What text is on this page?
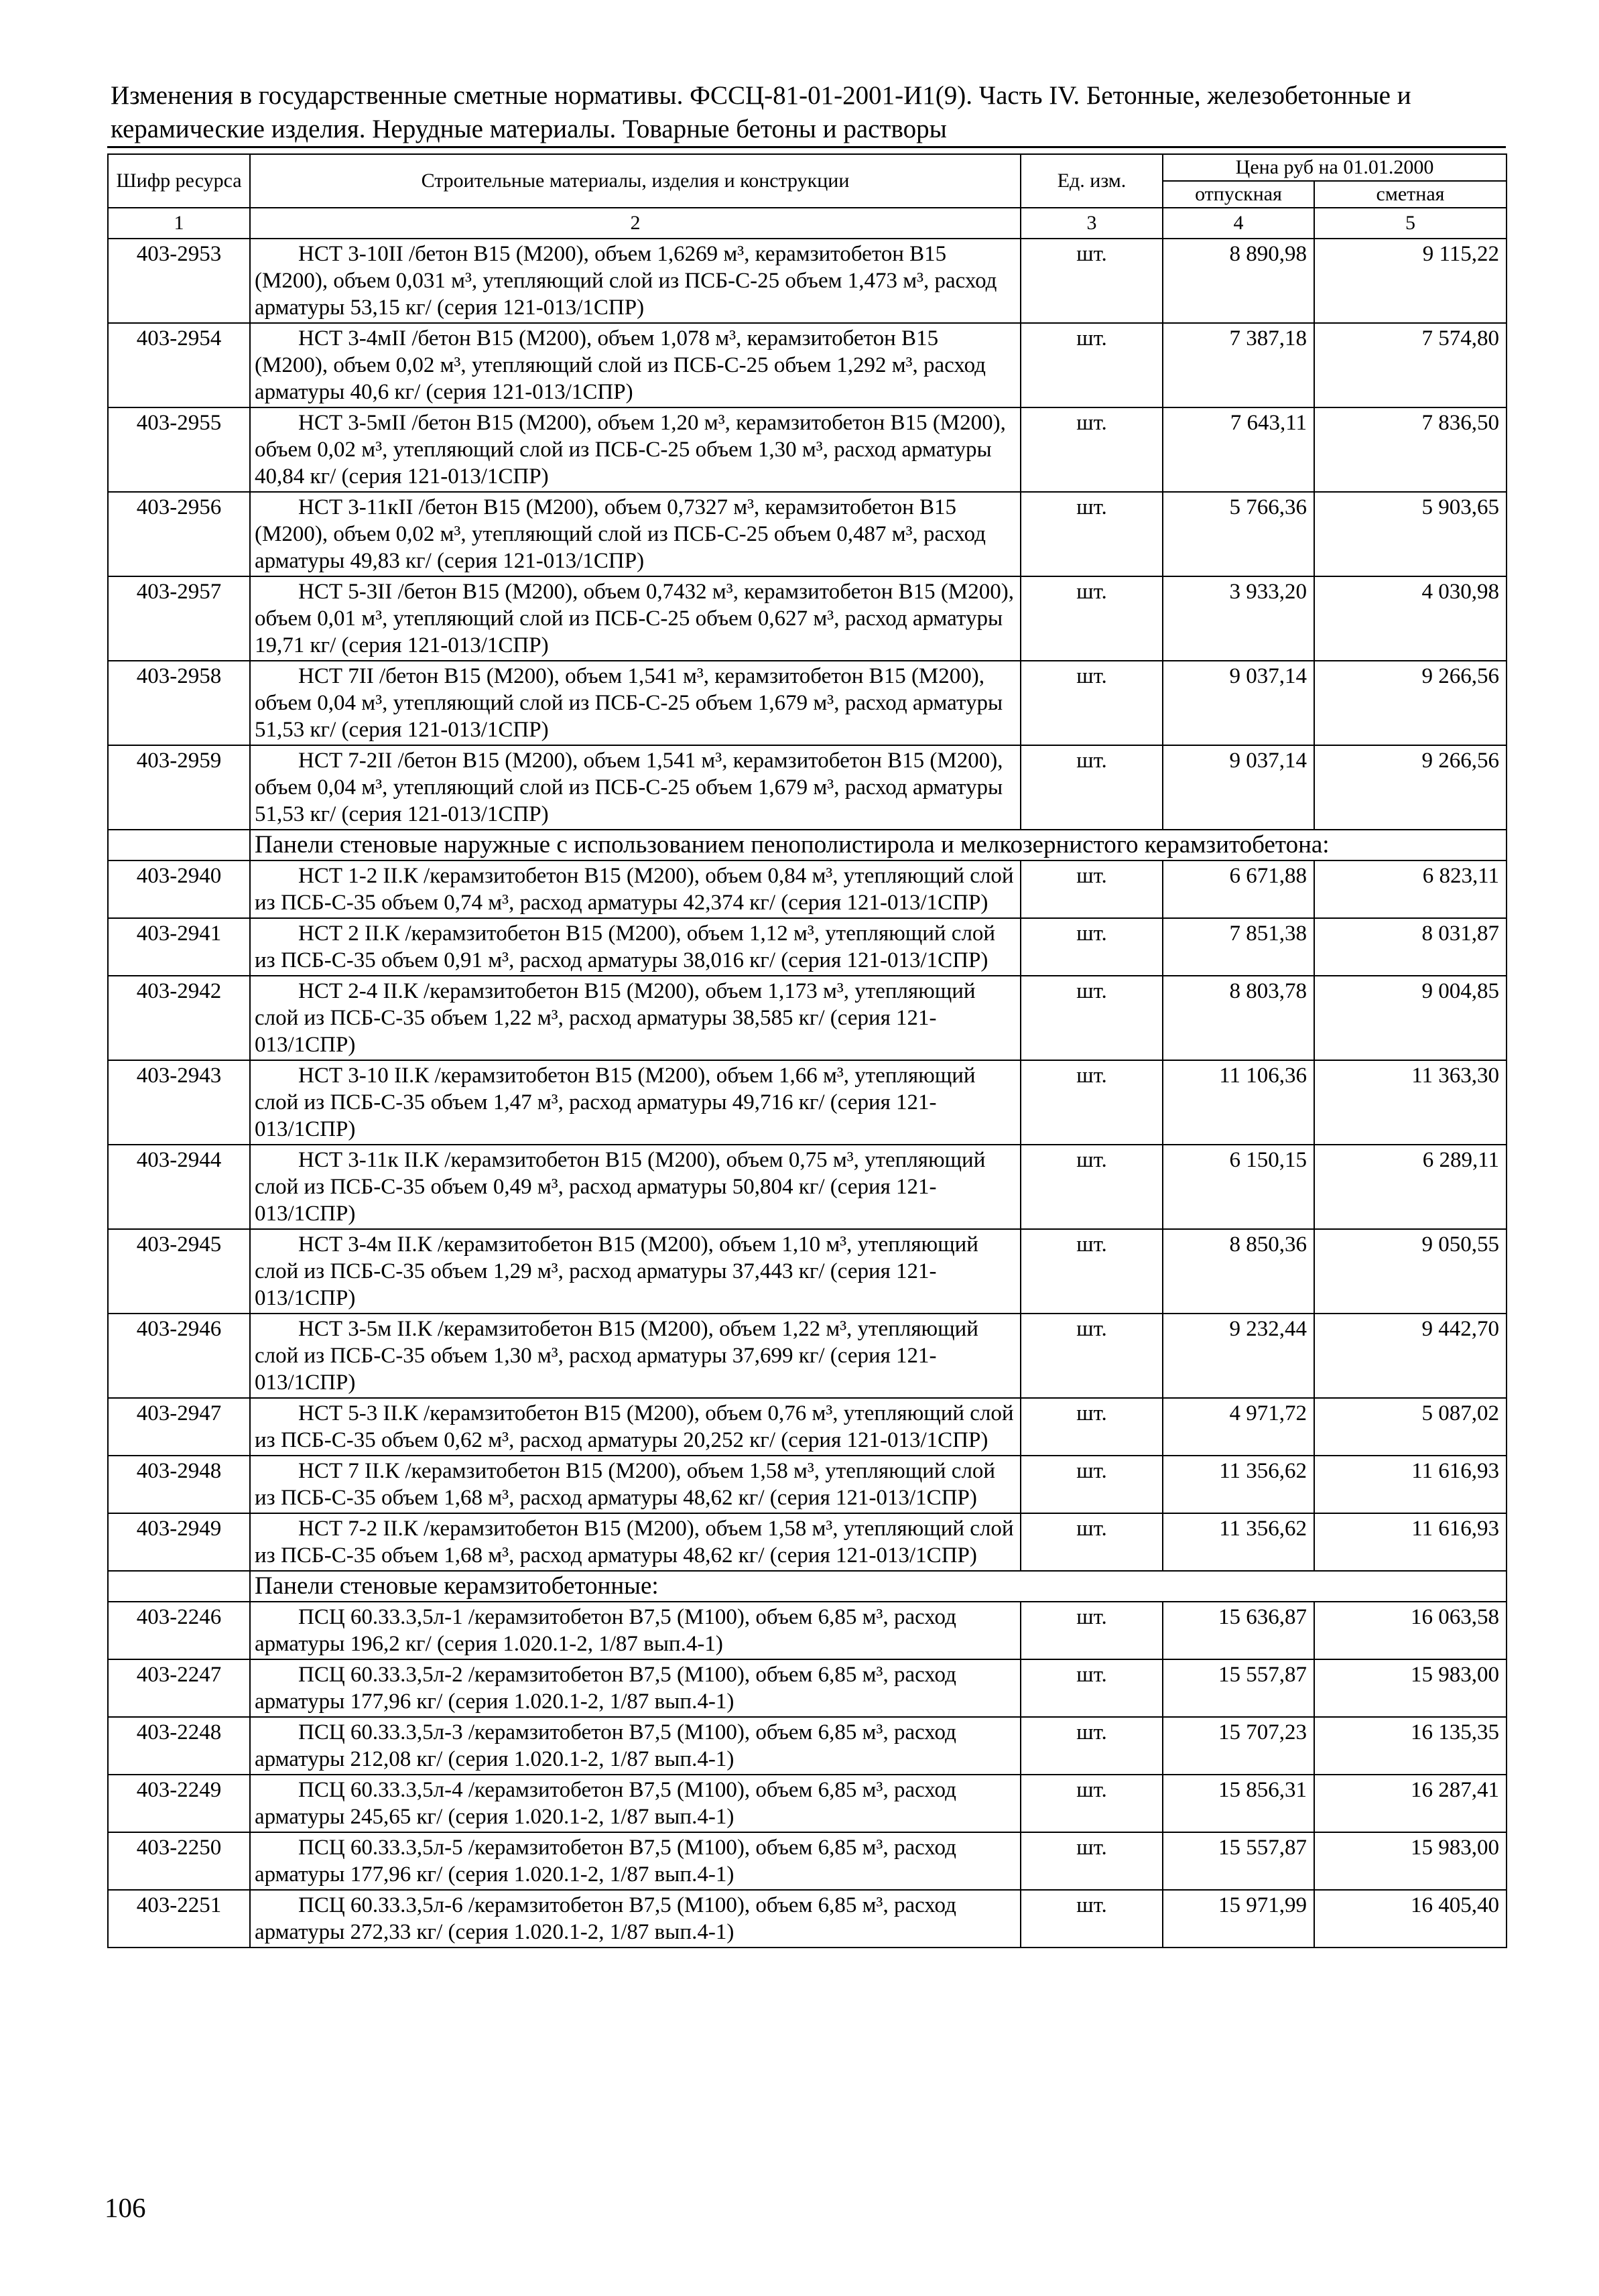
Изменения в государственные сметные нормативы. ФССЦ-81-01-2001-И1(9). Часть IV. Бетонные, железобетонные и
керамические изделия. Нерудные материалы. Товарные бетоны и растворы
Шифр ресурса	Строительные материалы, изделия и конструкции	Ед. изм.	Цена руб на 01.01.2000	
			отпускная	сметная
1	2	3	4	5
403-2953	НСТ 3-10II /бетон В15 (М200), объем 1,6269 м³, керамзитобетон В15 (М200), объем 0,031 м³, утепляющий слой из ПСБ-С-25 объем 1,473 м³, расход арматуры 53,15 кг/ (серия 121-013/1СПР)	шт.	8 890,98	9 115,22
403-2954	НСТ 3-4мII /бетон В15 (М200), объем 1,078 м³, керамзитобетон В15 (М200), объем 0,02 м³, утепляющий слой из ПСБ-С-25 объем 1,292 м³, расход арматуры 40,6 кг/ (серия 121-013/1СПР)	шт.	7 387,18	7 574,80
403-2955	НСТ 3-5мII /бетон В15 (М200), объем 1,20 м³, керамзитобетон В15 (М200), объем 0,02 м³, утепляющий слой из ПСБ-С-25 объем 1,30 м³, расход арматуры 40,84 кг/ (серия 121-013/1СПР)	шт.	7 643,11	7 836,50
403-2956	НСТ 3-11кII /бетон В15 (М200), объем 0,7327 м³, керамзитобетон В15 (М200), объем 0,02 м³, утепляющий слой из ПСБ-С-25 объем 0,487 м³, расход арматуры 49,83 кг/ (серия 121-013/1СПР)	шт.	5 766,36	5 903,65
403-2957	НСТ 5-3II /бетон В15 (М200), объем 0,7432 м³, керамзитобетон В15 (М200), объем 0,01 м³, утепляющий слой из ПСБ-С-25 объем 0,627 м³, расход арматуры 19,71 кг/ (серия 121-013/1СПР)	шт.	3 933,20	4 030,98
403-2958	НСТ 7II /бетон В15 (М200), объем 1,541 м³, керамзитобетон В15 (М200), объем 0,04 м³, утепляющий слой из ПСБ-С-25 объем 1,679 м³, расход арматуры 51,53 кг/ (серия 121-013/1СПР)	шт.	9 037,14	9 266,56
403-2959	НСТ 7-2II /бетон В15 (М200), объем 1,541 м³, керамзитобетон В15 (М200), объем 0,04 м³, утепляющий слой из ПСБ-С-25 объем 1,679 м³, расход арматуры 51,53 кг/ (серия 121-013/1СПР)	шт.	9 037,14	9 266,56
	Панели стеновые наружные с использованием пенополистирола и мелкозернистого керамзитобетона:			
403-2940	НСТ 1-2 II.К /керамзитобетон В15 (М200), объем 0,84 м³, утепляющий слой из ПСБ-С-35 объем 0,74 м³, расход арматуры 42,374 кг/ (серия 121-013/1СПР)	шт.	6 671,88	6 823,11
403-2941	НСТ 2 II.К /керамзитобетон В15 (М200), объем 1,12 м³, утепляющий слой из ПСБ-С-35 объем 0,91 м³, расход арматуры 38,016 кг/ (серия 121-013/1СПР)	шт.	7 851,38	8 031,87
403-2942	НСТ 2-4 II.К /керамзитобетон В15 (М200), объем 1,173 м³, утепляющий слой из ПСБ-С-35 объем 1,22 м³, расход арматуры 38,585 кг/ (серия 121-013/1СПР)	шт.	8 803,78	9 004,85
403-2943	НСТ 3-10 II.К /керамзитобетон В15 (М200), объем 1,66 м³, утепляющий слой из ПСБ-С-35 объем 1,47 м³, расход арматуры 49,716 кг/ (серия 121-013/1СПР)	шт.	11 106,36	11 363,30
403-2944	НСТ 3-11к II.К /керамзитобетон В15 (М200), объем 0,75 м³, утепляющий слой из ПСБ-С-35 объем 0,49 м³, расход арматуры 50,804 кг/ (серия 121-013/1СПР)	шт.	6 150,15	6 289,11
403-2945	НСТ 3-4м II.К /керамзитобетон В15 (М200), объем 1,10 м³, утепляющий слой из ПСБ-С-35 объем 1,29 м³, расход арматуры 37,443 кг/ (серия 121-013/1СПР)	шт.	8 850,36	9 050,55
403-2946	НСТ 3-5м II.К /керамзитобетон В15 (М200), объем 1,22 м³, утепляющий слой из ПСБ-С-35 объем 1,30 м³, расход арматуры 37,699 кг/ (серия 121-013/1СПР)	шт.	9 232,44	9 442,70
403-2947	НСТ 5-3 II.К /керамзитобетон В15 (М200), объем 0,76 м³, утепляющий слой из ПСБ-С-35 объем 0,62 м³, расход арматуры 20,252 кг/ (серия 121-013/1СПР)	шт.	4 971,72	5 087,02
403-2948	НСТ 7 II.К /керамзитобетон В15 (М200), объем 1,58 м³, утепляющий слой из ПСБ-С-35 объем 1,68 м³, расход арматуры 48,62 кг/ (серия 121-013/1СПР)	шт.	11 356,62	11 616,93
403-2949	НСТ 7-2 II.К /керамзитобетон В15 (М200), объем 1,58 м³, утепляющий слой из ПСБ-С-35 объем 1,68 м³, расход арматуры 48,62 кг/ (серия 121-013/1СПР)	шт.	11 356,62	11 616,93
	Панели стеновые керамзитобетонные:			
403-2246	ПСЦ 60.33.3,5л-1 /керамзитобетон В7,5 (М100), объем 6,85 м³, расход арматуры 196,2 кг/ (серия 1.020.1-2, 1/87 вып.4-1)	шт.	15 636,87	16 063,58
403-2247	ПСЦ 60.33.3,5л-2 /керамзитобетон В7,5 (М100), объем 6,85 м³, расход арматуры 177,96 кг/ (серия 1.020.1-2, 1/87 вып.4-1)	шт.	15 557,87	15 983,00
403-2248	ПСЦ 60.33.3,5л-3 /керамзитобетон В7,5 (М100), объем 6,85 м³, расход арматуры 212,08 кг/ (серия 1.020.1-2, 1/87 вып.4-1)	шт.	15 707,23	16 135,35
403-2249	ПСЦ 60.33.3,5л-4 /керамзитобетон В7,5 (М100), объем 6,85 м³, расход арматуры 245,65 кг/ (серия 1.020.1-2, 1/87 вып.4-1)	шт.	15 856,31	16 287,41
403-2250	ПСЦ 60.33.3,5л-5 /керамзитобетон В7,5 (М100), объем 6,85 м³, расход арматуры 177,96 кг/ (серия 1.020.1-2, 1/87 вып.4-1)	шт.	15 557,87	15 983,00
403-2251	ПСЦ 60.33.3,5л-6 /керамзитобетон В7,5 (М100), объем 6,85 м³, расход арматуры 272,33 кг/ (серия 1.020.1-2, 1/87 вып.4-1)	шт.	15 971,99	16 405,40
106
